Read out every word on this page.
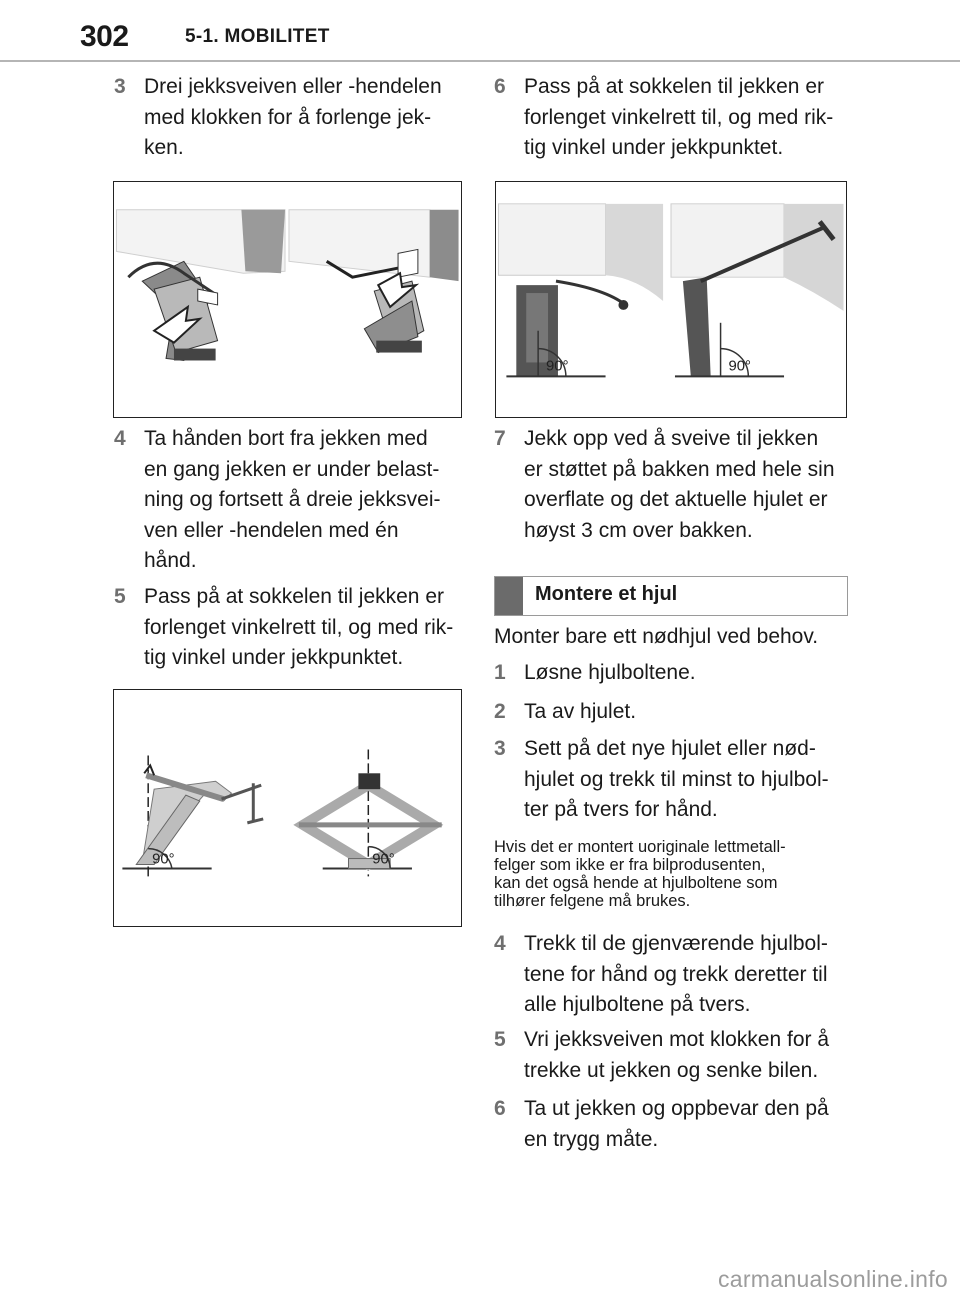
302	5-1. MOBILITET
3 Drei jekksveiven eller -hendelen
med klokken for å forlenge jek-
ken.
4 Ta hånden bort fra jekken med
en gang jekken er under belast-
ning og fortsett å dreie jekksvei-
ven eller -hendelen med én
hånd.
5 Pass på at sokkelen til jekken er
forlenget vinkelrett til, og med rik-
tig vinkel under jekkpunktet.
90°	90°
6 Pass på at sokkelen til jekken er
forlenget vinkelrett til, og med rik-
tig vinkel under jekkpunktet.
90°	90°
7 Jekk opp ved å sveive til jekken
er støttet på bakken med hele sin
overflate og det aktuelle hjulet er
høyst 3 cm over bakken.
Montere et hjul
Monter bare ett nødhjul ved behov.
1 Løsne hjulboltene.
2 Ta av hjulet.
3 Sett på det nye hjulet eller nød-
hjulet og trekk til minst to hjulbol-
ter på tvers for hånd.
Hvis det er montert uoriginale lettmetall-
felger som ikke er fra bilprodusenten,
kan det også hende at hjulboltene som
tilhører felgene må brukes.
4 Trekk til de gjenværende hjulbol-
tene for hånd og trekk deretter til
alle hjulboltene på tvers.
5 Vri jekksveiven mot klokken for å
trekke ut jekken og senke bilen.
6 Ta ut jekken og oppbevar den på
en trygg måte.
carmanualsonline.info
